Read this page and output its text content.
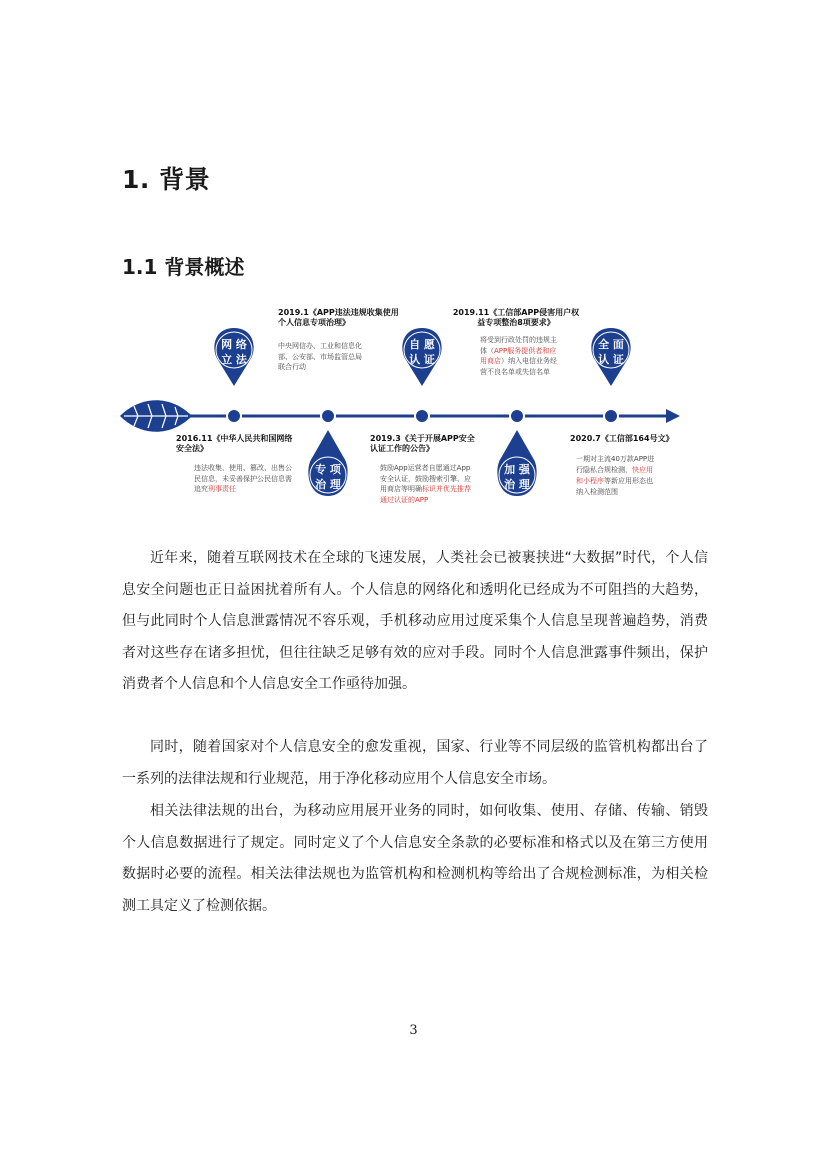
1. 背景
1.1 背景概述
网 络
立 法
自 愿
认 证
全 面
认 证
专 项
治 理
加 强
治 理
2016.11《中华人民共和国网络安全法》
违法收集、使用、篡改、出售公民信息，未妥善保护公民信息需追究刑事责任
2019.1《APP违法违规收集使用个人信息专项治理》
中央网信办、工业和信息化部、公安部、市场监管总局联合行动
2019.3《关于开展APP安全认证工作的公告》
鼓励App运营者自愿通过App安全认证，鼓励搜索引擎、应用商店等明确标识并优先推荐通过认证的APP
2019.11《工信部APP侵害用户权益专项整治8项要求》
将受到行政处罚的违规主体（APP服务提供者和应用商店）纳入电信业务经营不良名单或失信名单
2020.7《工信部164号文》
一期对主流40万款APP进行隐私合规检测，快应用和小程序等新应用形态也纳入检测范围

近年来，随着互联网技术在全球的飞速发展，人类社会已被裹挟进“大数据”时代，个人信息安全问题也正日益困扰着所有人。个人信息的网络化和透明化已经成为不可阻挡的大趋势，但与此同时个人信息泄露情况不容乐观，手机移动应用过度采集个人信息呈现普遍趋势，消费者对这些存在诸多担忧，但往往缺乏足够有效的应对手段。同时个人信息泄露事件频出，保护消费者个人信息和个人信息安全工作亟待加强。

同时，随着国家对个人信息安全的愈发重视，国家、行业等不同层级的监管机构都出台了一系列的法律法规和行业规范，用于净化移动应用个人信息安全市场。

相关法律法规的出台，为移动应用展开业务的同时，如何收集、使用、存储、传输、销毁个人信息数据进行了规定。同时定义了个人信息安全条款的必要标准和格式以及在第三方使用数据时必要的流程。相关法律法规也为监管机构和检测机构等给出了合规检测标准，为相关检测工具定义了检测依据。

3
